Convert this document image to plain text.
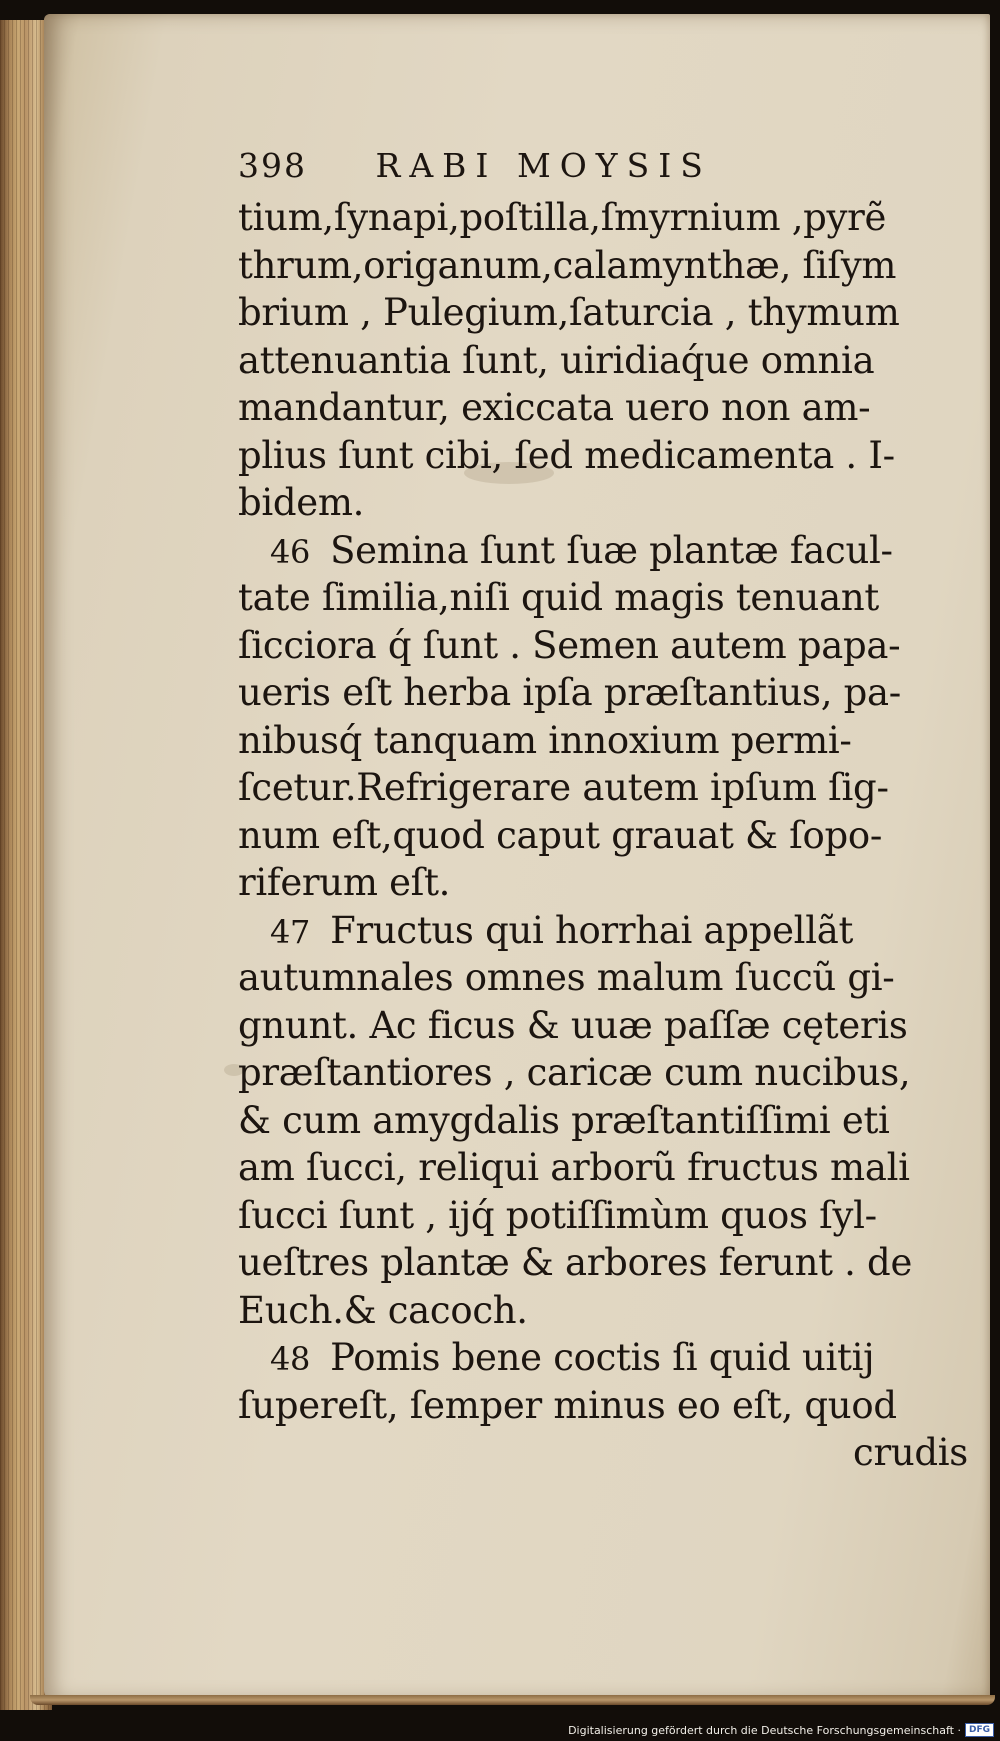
398 RABI MOYSIS
tium,ſynapi,poſtilla,ſmyrnium ,pyrẽ
thrum,origanum,calamynthæ, ſiſym
brium , Pulegium,ſaturcia , thymum
attenuantia ſunt, uiridiaq́ue omnia
mandantur, exiccata uero non am-
plius ſunt cibi, ſed medicamenta . I-
bidem.
46 Semina ſunt ſuæ plantæ facul-
tate ſimilia,niſi quid magis tenuant
ſicciora q́ ſunt . Semen autem papa-
ueris eſt herba ipſa præſtantius, pa-
nibusq́ tanquam innoxium permi-
ſcetur.Refrigerare autem ipſum ſig-
num eſt,quod caput grauat & ſopo-
riferum eſt.
47 Fructus qui horrhai appellãt
autumnales omnes malum ſuccũ gi-
gnunt. Ac ficus & uuæ paſſæ cęteris
præſtantiores , caricæ cum nucibus,
& cum amygdalis præſtantiſſimi eti
am ſucci, reliqui arborũ fructus mali
ſucci ſunt , ijq́ potiſſimùm quos ſyl-
ueſtres plantæ & arbores ferunt . de
Euch.& cacoch.
48 Pomis bene coctis ſi quid uitij
ſupereſt, ſemper minus eo eſt, quod
crudis
Digitalisierung gefördert durch die Deutsche Forschungsgemeinschaft · DFG
